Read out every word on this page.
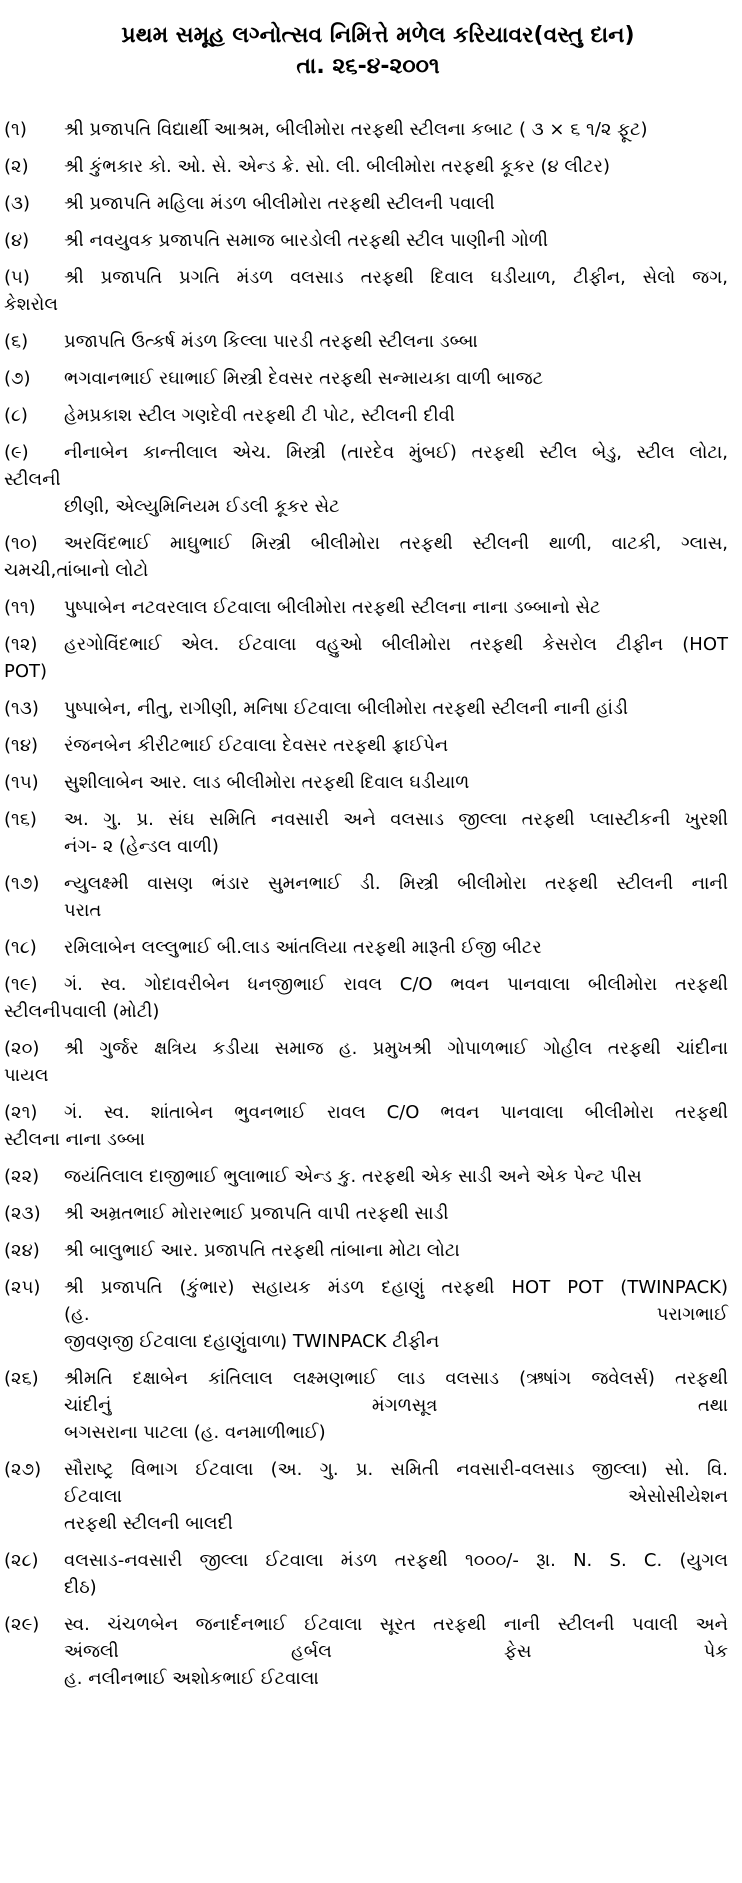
પ્રથમ સમૂહ લગ્નોત્સવ નિમિત્તે મળેલ કરિયાવર(વસ્તુ દાન)
તા. ૨૬-૪-૨૦૦૧
(૧)	શ્રી પ્રજાપતિ વિદ્યાર્થી આશ્રમ, બીલીમોરા તરફથી સ્ટીલના કબાટ ( ૩ × ૬ ૧/૨ ફૂટ)
(૨)	શ્રી કુંભકાર કો. ઓ. સે. એન્ડ ક્રે. સો. લી. બીલીમોરા તરફથી કૂકર (૪ લીટર)
(૩)	શ્રી પ્રજાપતિ મહિલા મંડળ બીલીમોરા તરફથી સ્ટીલની પવાલી
(૪)	શ્રી નવયુવક પ્રજાપતિ સમાજ બારડોલી તરફથી સ્ટીલ પાણીની ગોળી
(૫)	શ્રી પ્રજાપતિ પ્રગતિ મંડળ વલસાડ તરફથી દિવાલ ઘડીયાળ, ટીફીન, સેલો જગ,
કેશરોલ
(૬)	પ્રજાપતિ ઉત્કર્ષ મંડળ કિલ્લા પારડી તરફથી સ્ટીલના ડબ્બા
(૭)	ભગવાનભાઈ રઘાભાઈ મિસ્ત્રી દેવસર તરફથી સન્માયકા વાળી બાજટ
(૮)	હેમપ્રકાશ સ્ટીલ ગણદેવી તરફથી ટી પોટ, સ્ટીલની દીવી
(૯)	નીનાબેન કાન્તીલાલ એચ. મિસ્ત્રી (તારદેવ મુંબઈ) તરફથી સ્ટીલ બેડુ, સ્ટીલ લોટા,
સ્ટીલની
છીણી, એલ્યુમિનિયમ ઈડલી કૂકર સેટ
(૧૦)	અરવિંદભાઈ માઘુભાઈ મિસ્ત્રી બીલીમોરા તરફથી સ્ટીલની થાળી, વાટકી, ગ્લાસ,
ચમચી,તાંબાનો લોટો
(૧૧)	પુષ્પાબેન નટવરલાલ ઈટવાલા બીલીમોરા તરફથી સ્ટીલના નાના ડબ્બાનો સેટ
(૧૨)	હરગોવિંદભાઈ એલ. ઈટવાલા વહુઓ બીલીમોરા તરફથી કેસરોલ ટીફીન (HOT
POT)
(૧૩)	પુષ્પાબેન, નીતુ, રાગીણી, મનિષા ઈટવાલા બીલીમોરા તરફથી સ્ટીલની નાની હાંડી
(૧૪)	રંજનબેન કીરીટભાઈ ઈટવાલા દેવસર તરફથી ફ્રાઈપેન
(૧૫)	સુશીલાબેન આર. લાડ બીલીમોરા તરફથી દિવાલ ઘડીયાળ
(૧૬)	અ. ગુ. પ્ર. સંઘ સમિતિ નવસારી અને વલસાડ જીલ્લા તરફથી પ્લાસ્ટીકની ખુરશી
નંગ- ૨ (હેન્ડલ વાળી)
(૧૭)	ન્યુલક્ષ્મી વાસણ ભંડાર સુમનભાઈ ડી. મિસ્ત્રી બીલીમોરા તરફથી સ્ટીલની નાની
પરાત
(૧૮)	રમિલાબેન લલ્લુભાઈ બી.લાડ આંતલિયા તરફથી મારૂતી ઈજી બીટર
(૧૯)	ગં. સ્વ. ગોદાવરીબેન ધનજીભાઈ રાવલ C/O ભવન પાનવાલા બીલીમોરા તરફથી
સ્ટીલનીપવાલી (મોટી)
(૨૦)	શ્રી ગુર્જર ક્ષત્રિય કડીયા સમાજ હ. પ્રમુખશ્રી ગોપાળભાઈ ગોહીલ તરફથી ચાંદીના
પાયલ
(૨૧)	ગં. સ્વ. શાંતાબેન ભુવનભાઈ રાવલ C/O ભવન પાનવાલા બીલીમોરા તરફથી
સ્ટીલના નાના ડબ્બા
(૨૨)	જયંતિલાલ દાજીભાઈ ભુલાભાઈ એન્ડ કુ. તરફથી એક સાડી અને એક પેન્ટ પીસ
(૨૩)	શ્રી અમ્રતભાઈ મોરારભાઈ પ્રજાપતિ વાપી તરફથી સાડી
(૨૪)	શ્રી બાલુભાઈ આર. પ્રજાપતિ તરફથી તાંબાના મોટા લોટા
(૨૫)	શ્રી પ્રજાપતિ (કુંભાર) સહાયક મંડળ દહાણું તરફથી HOT POT (TWINPACK)
(હ. પરાગભાઈ
જીવણજી ઈટવાલા દહાણુંવાળા) TWINPACK ટીફીન
(૨૬)	શ્રીમતિ દક્ષાબેન કાંતિલાલ લક્ષ્મણભાઈ લાડ વલસાડ (ઋષાંગ જવેલર્સ) તરફથી
ચાંદીનું મંગળસૂત્ર તથા
બગસરાના પાટલા (હ. વનમાળીભાઈ)
(૨૭)	સૌરાષ્ટ્ર વિભાગ ઈટવાલા (અ. ગુ. પ્ર. સમિતી નવસારી-વલસાડ જીલ્લા) સો. વિ.
ઈટવાલા એસોસીયેશન
તરફથી સ્ટીલની બાલદી
(૨૮)	વલસાડ-નવસારી જીલ્લા ઈટવાલા મંડળ તરફથી ૧૦૦૦/- રૂા. N. S. C. (યુગલ
દીઠ)
(૨૯)	સ્વ. ચંચળબેન જનાર્દનભાઈ ઈટવાલા સૂરત તરફથી નાની સ્ટીલની પવાલી અને
અંજલી હર્બલ ફેસ પેક
હ. નલીનભાઈ અશોકભાઈ ઈટવાલા
